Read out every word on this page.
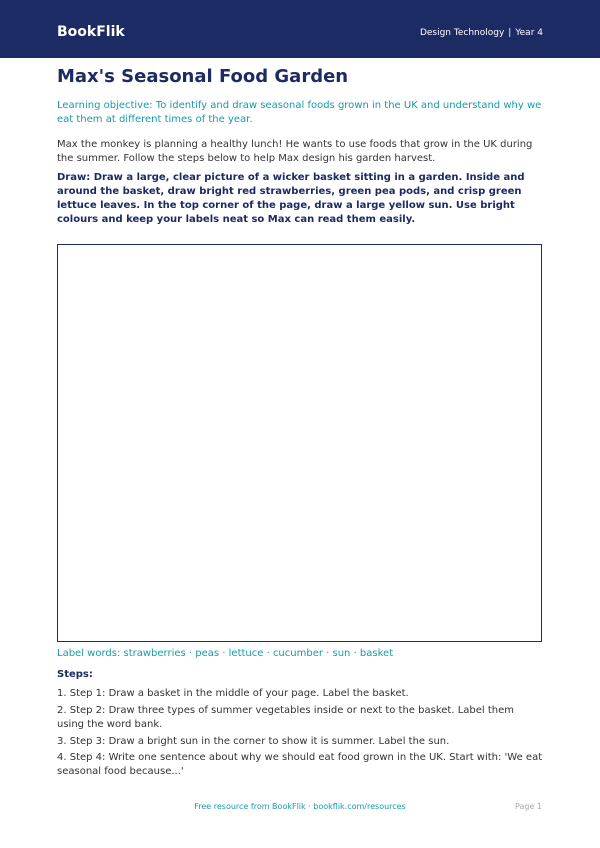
BookFlik	Design Technology | Year 4
Max's Seasonal Food Garden
Learning objective: To identify and draw seasonal foods grown in the UK and understand why we eat them at different times of the year.
Max the monkey is planning a healthy lunch! He wants to use foods that grow in the UK during the summer. Follow the steps below to help Max design his garden harvest.
Draw: Draw a large, clear picture of a wicker basket sitting in a garden. Inside and around the basket, draw bright red strawberries, green pea pods, and crisp green lettuce leaves. In the top corner of the page, draw a large yellow sun. Use bright colours and keep your labels neat so Max can read them easily.
Label words: strawberries · peas · lettuce · cucumber · sun · basket
Steps:
1. Step 1: Draw a basket in the middle of your page. Label the basket.
2. Step 2: Draw three types of summer vegetables inside or next to the basket. Label them using the word bank.
3. Step 3: Draw a bright sun in the corner to show it is summer. Label the sun.
4. Step 4: Write one sentence about why we should eat food grown in the UK. Start with: 'We eat seasonal food because...'
Free resource from BookFlik · bookflik.com/resources	Page 1
